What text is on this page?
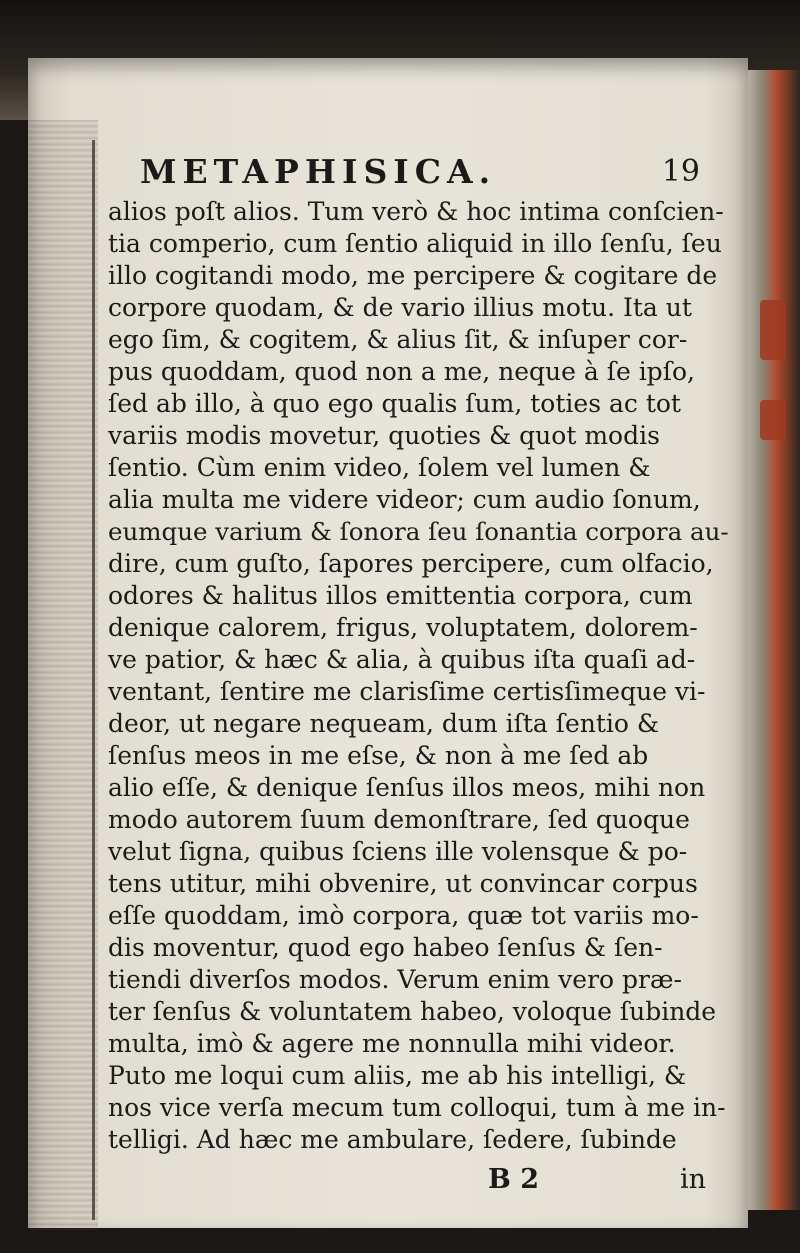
METAPHISICA.	19
alios poſt alios. Tum verò & hoc intima conſcien-
tia comperio, cum ſentio aliquid in illo ſenſu, ſeu
illo cogitandi modo, me percipere & cogitare de
corpore quodam, & de vario illius motu. Ita ut
ego ſim, & cogitem, & alius ſit, & inſuper cor-
pus quoddam, quod non a me, neque à ſe ipſo,
ſed ab illo, à quo ego qualis ſum, toties ac tot
variis modis movetur, quoties & quot modis
ſentio. Cùm enim video, ſolem vel lumen &
alia multa me videre videor; cum audio ſonum,
eumque varium & ſonora ſeu ſonantia corpora au-
dire, cum guſto, ſapores percipere, cum olfacio,
odores & halitus illos emittentia corpora, cum
denique calorem, frigus, voluptatem, dolorem-
ve patior, & hæc & alia, à quibus iſta quaſi ad-
ventant, ſentire me clarisſime certisſimeque vi-
deor, ut negare nequeam, dum iſta ſentio &
ſenſus meos in me eſse, & non à me ſed ab
alio eſſe, & denique ſenſus illos meos, mihi non
modo autorem ſuum demonſtrare, ſed quoque
velut ſigna, quibus ſciens ille volensque & po-
tens utitur, mihi obvenire, ut convincar corpus
eſſe quoddam, imò corpora, quæ tot variis mo-
dis moventur, quod ego habeo ſenſus & ſen-
tiendi diverſos modos. Verum enim vero præ-
ter ſenſus & voluntatem habeo, voloque ſubinde
multa, imò & agere me nonnulla mihi videor.
Puto me loqui cum aliis, me ab his intelligi, &
nos vice verſa mecum tum colloqui, tum à me in-
telligi. Ad hæc me ambulare, ſedere, ſubinde
B 2	in
